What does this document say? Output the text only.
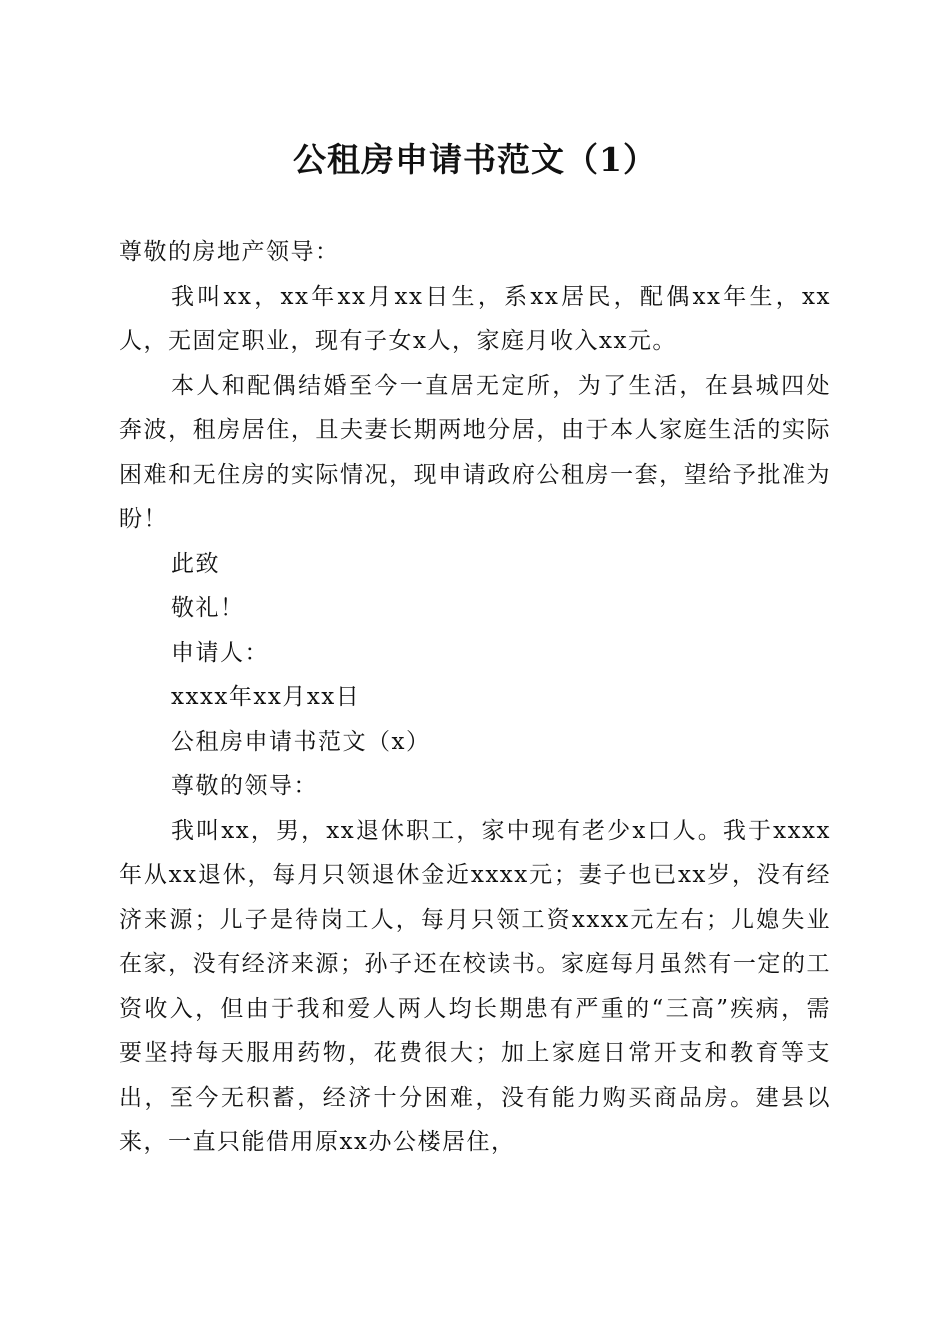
公租房申请书范文（1）

尊敬的房地产领导：

我叫xx，xx年xx月xx日生，系xx居民，配偶xx年生，xx人，无固定职业，现有子女x人，家庭月收入xx元。

本人和配偶结婚至今一直居无定所，为了生活，在县城四处奔波，租房居住，且夫妻长期两地分居，由于本人家庭生活的实际困难和无住房的实际情况，现申请政府公租房一套，望给予批准为盼！

此致

敬礼！

申请人：

xxxx年xx月xx日

公租房申请书范文（x）

尊敬的领导：

我叫xx，男，xx退休职工，家中现有老少x口人。我于xxxx年从xx退休，每月只领退休金近xxxx元；妻子也已xx岁，没有经济来源；儿子是待岗工人，每月只领工资xxxx元左右；儿媳失业在家，没有经济来源；孙子还在校读书。家庭每月虽然有一定的工资收入，但由于我和爱人两人均长期患有严重的“三高”疾病，需要坚持每天服用药物，花费很大；加上家庭日常开支和教育等支出，至今无积蓄，经济十分困难，没有能力购买商品房。建县以来，一直只能借用原xx办公楼居住，
